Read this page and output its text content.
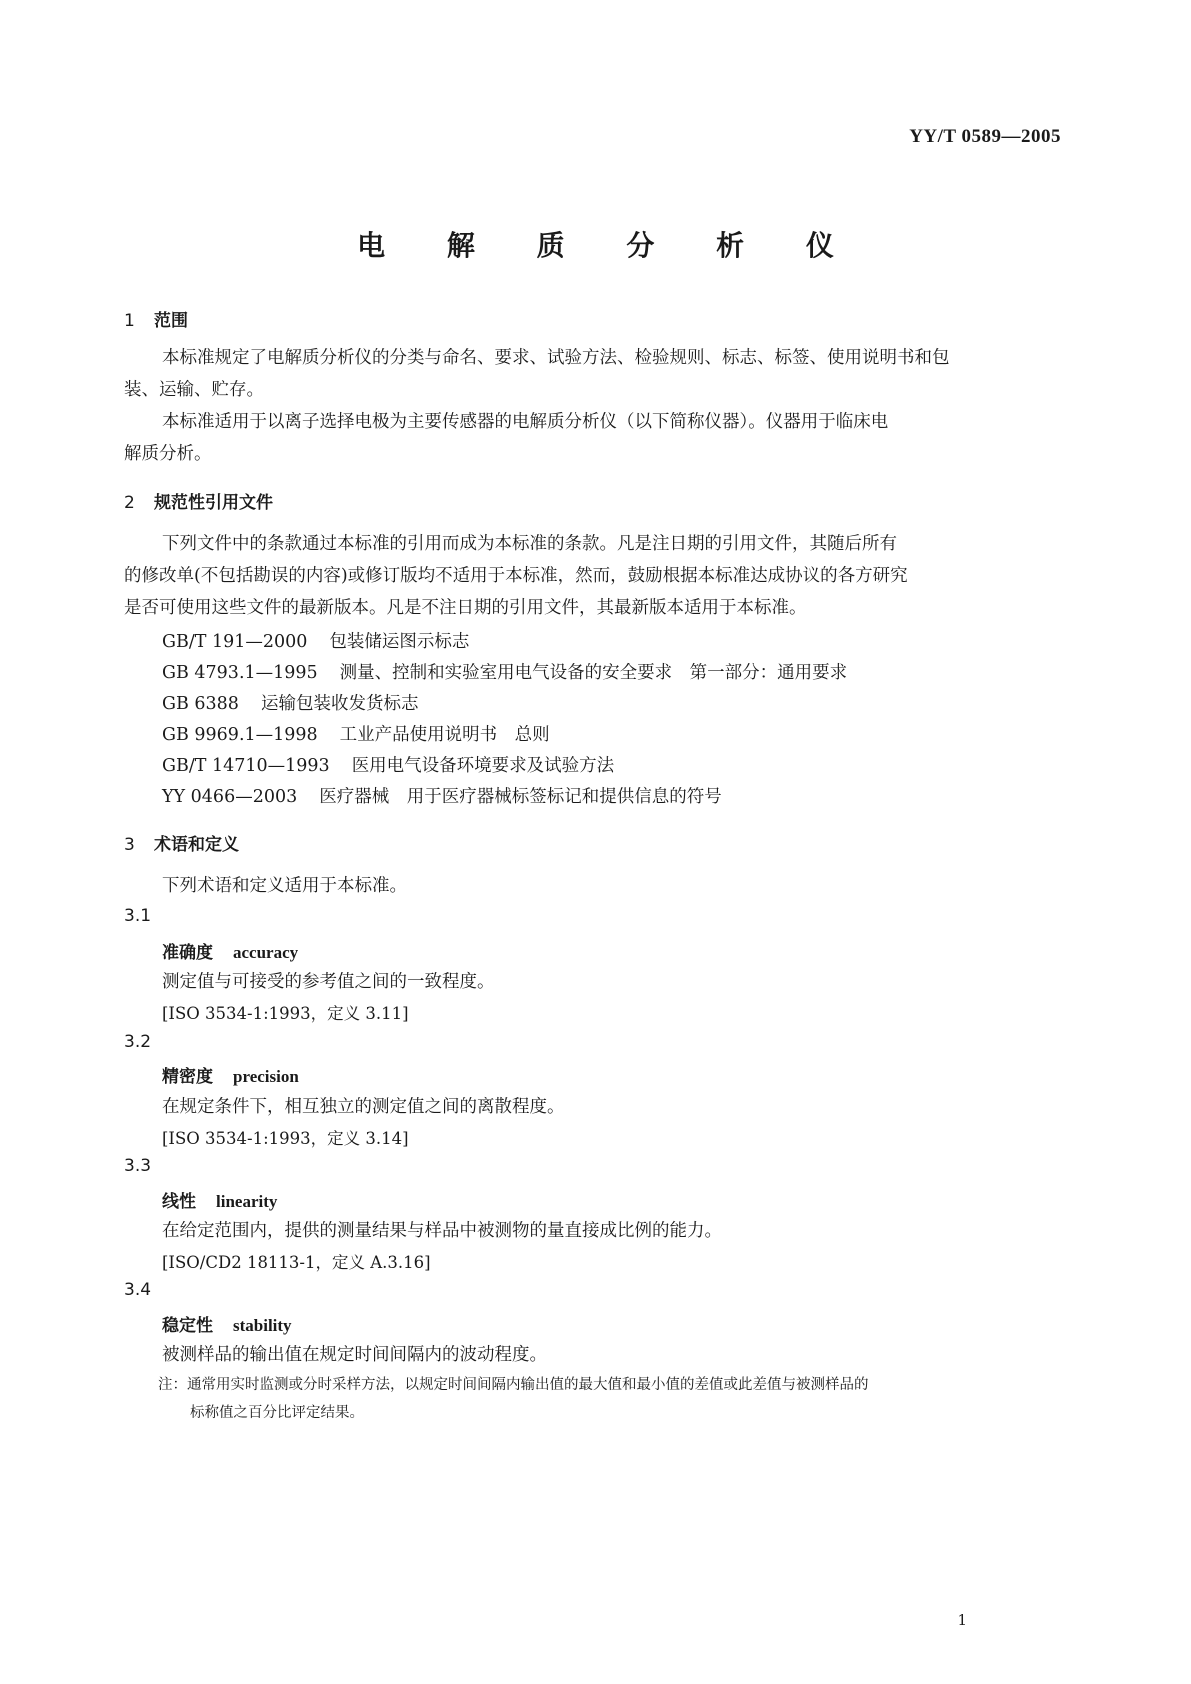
YY/T 0589—2005
电 解 质 分 析 仪
1 范围
本标准规定了电解质分析仪的分类与命名、要求、试验方法、检验规则、标志、标签、使用说明书和包
装、运输、贮存。
本标准适用于以离子选择电极为主要传感器的电解质分析仪（以下简称仪器）。仪器用于临床电
解质分析。
2 规范性引用文件
下列文件中的条款通过本标准的引用而成为本标准的条款。凡是注日期的引用文件，其随后所有
的修改单(不包括勘误的内容)或修订版均不适用于本标准，然而，鼓励根据本标准达成协议的各方研究
是否可使用这些文件的最新版本。凡是不注日期的引用文件，其最新版本适用于本标准。
GB/T 191—2000 包装储运图示标志
GB 4793.1—1995 测量、控制和实验室用电气设备的安全要求　第一部分：通用要求
GB 6388 运输包装收发货标志
GB 9969.1—1998 工业产品使用说明书　总则
GB/T 14710—1993 医用电气设备环境要求及试验方法
YY 0466—2003 医疗器械　用于医疗器械标签标记和提供信息的符号
3 术语和定义
下列术语和定义适用于本标准。
3.1
准确度 accuracy
测定值与可接受的参考值之间的一致程度。
[ISO 3534-1:1993，定义 3.11]
3.2
精密度 precision
在规定条件下，相互独立的测定值之间的离散程度。
[ISO 3534-1:1993，定义 3.14]
3.3
线性 linearity
在给定范围内，提供的测量结果与样品中被测物的量直接成比例的能力。
[ISO/CD2 18113-1，定义 A.3.16]
3.4
稳定性 stability
被测样品的输出值在规定时间间隔内的波动程度。
注：通常用实时监测或分时采样方法，以规定时间间隔内输出值的最大值和最小值的差值或此差值与被测样品的
标称值之百分比评定结果。
1
